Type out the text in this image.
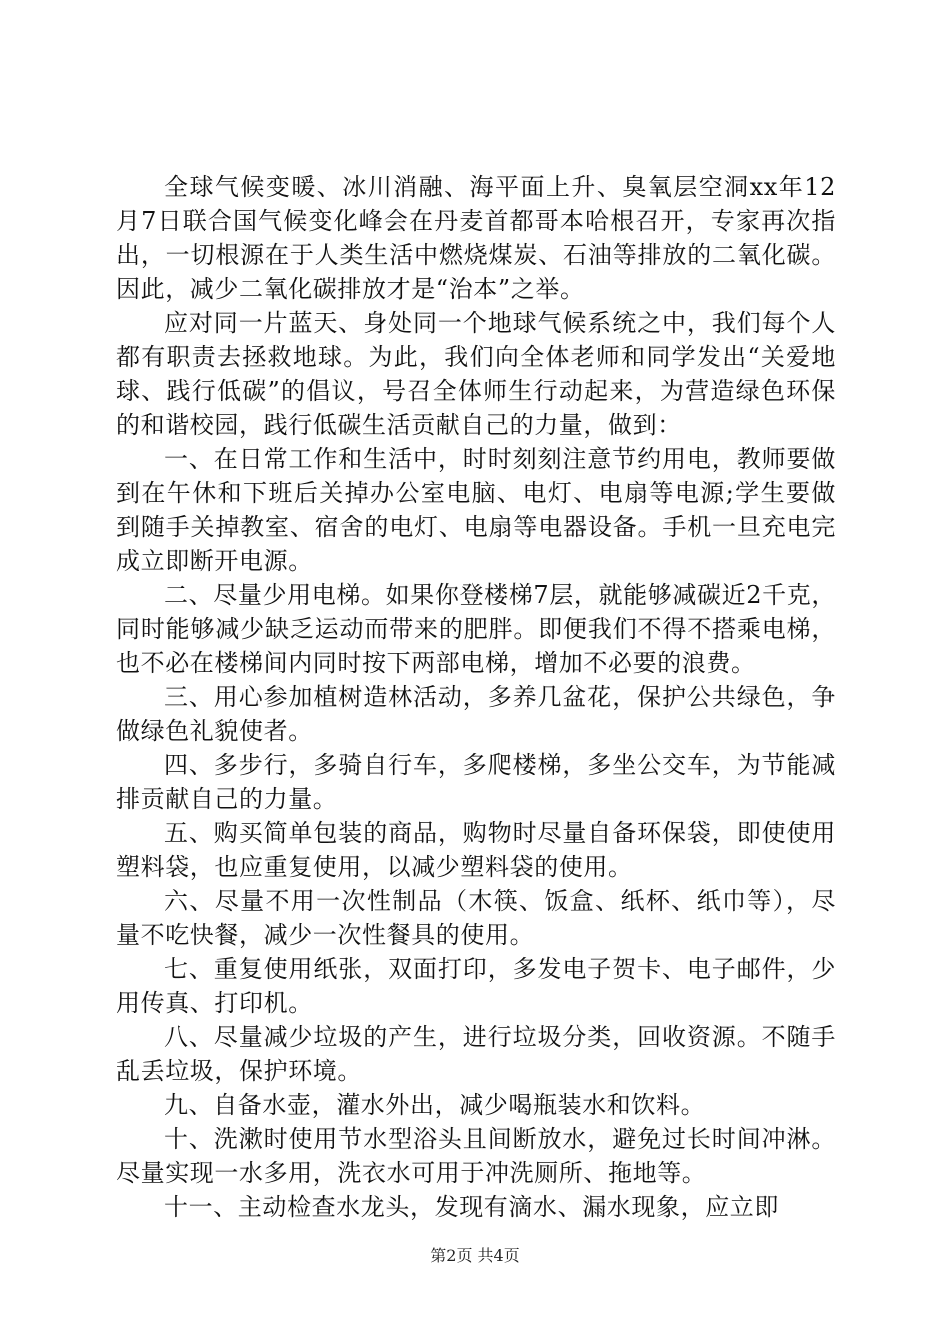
全球气候变暖、冰川消融、海平面上升、臭氧层空洞xx年12月7日联合国气候变化峰会在丹麦首都哥本哈根召开，专家再次指出，一切根源在于人类生活中燃烧煤炭、石油等排放的二氧化碳。因此，减少二氧化碳排放才是“治本”之举。

应对同一片蓝天、身处同一个地球气候系统之中，我们每个人都有职责去拯救地球。为此，我们向全体老师和同学发出“关爱地球、践行低碳”的倡议，号召全体师生行动起来，为营造绿色环保的和谐校园，践行低碳生活贡献自己的力量，做到：

一、在日常工作和生活中，时时刻刻注意节约用电，教师要做到在午休和下班后关掉办公室电脑、电灯、电扇等电源;学生要做到随手关掉教室、宿舍的电灯、电扇等电器设备。手机一旦充电完成立即断开电源。

二、尽量少用电梯。如果你登楼梯7层，就能够减碳近2千克，同时能够减少缺乏运动而带来的肥胖。即便我们不得不搭乘电梯，也不必在楼梯间内同时按下两部电梯，增加不必要的浪费。

三、用心参加植树造林活动，多养几盆花，保护公共绿色，争做绿色礼貌使者。

四、多步行，多骑自行车，多爬楼梯，多坐公交车，为节能减排贡献自己的力量。

五、购买简单包装的商品，购物时尽量自备环保袋，即使使用塑料袋，也应重复使用，以减少塑料袋的使用。

六、尽量不用一次性制品（木筷、饭盒、纸杯、纸巾等），尽量不吃快餐，减少一次性餐具的使用。

七、重复使用纸张，双面打印，多发电子贺卡、电子邮件，少用传真、打印机。

八、尽量减少垃圾的产生，进行垃圾分类，回收资源。不随手乱丢垃圾，保护环境。

九、自备水壶，灌水外出，减少喝瓶装水和饮料。

十、洗漱时使用节水型浴头且间断放水，避免过长时间冲淋。尽量实现一水多用，洗衣水可用于冲洗厕所、拖地等。

十一、主动检查水龙头，发现有滴水、漏水现象，应立即

第2页 共4页
